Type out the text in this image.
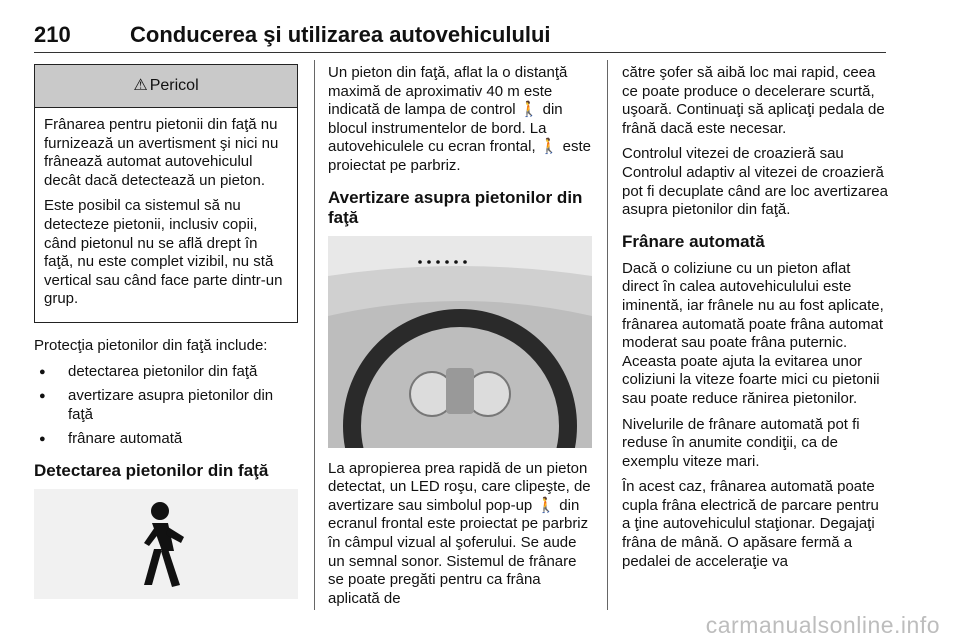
210	Conducerea şi utilizarea autovehiculului
⚠ Pericol

Frânarea pentru pietonii din faţă nu furnizează un avertisment şi nici nu frânează automat autovehiculul decât dacă detectează un pieton.

Este posibil ca sistemul să nu detecteze pietonii, inclusiv copii, când pietonul nu se află drept în faţă, nu este complet vizibil, nu stă vertical sau când face parte dintr-un grup.

Protecţia pietonilor din faţă include:

● detectarea pietonilor din faţă
● avertizare asupra pietonilor din faţă
● frânare automată
Detectarea pietonilor din faţă

Un pieton din faţă, aflat la o distanţă maximă de aproximativ 40 m este indicată de lampa de control 🚶 din blocul instrumentelor de bord. La autovehiculele cu ecran frontal, 🚶 este proiectat pe parbriz.

Avertizare asupra pietonilor din faţă

La apropierea prea rapidă de un pieton detectat, un LED roşu, care clipeşte, de avertizare sau simbolul pop-up 🚶 din ecranul frontal este proiectat pe parbriz în câmpul vizual al şoferului. Se aude un semnal sonor. Sistemul de frânare se poate pregăti pentru ca frâna aplicată de

către şofer să aibă loc mai rapid, ceea ce poate produce o decelerare scurtă, uşoară. Continuaţi să aplicaţi pedala de frână dacă este necesar.

Controlul vitezei de croazieră sau Controlul adaptiv al vitezei de croazieră pot fi decuplate când are loc avertizarea asupra pietonilor din faţă.

Frânare automată

Dacă o coliziune cu un pieton aflat direct în calea autovehiculului este iminentă, iar frânele nu au fost aplicate, frânarea automată poate frâna automat moderat sau poate frâna puternic. Aceasta poate ajuta la evitarea unor coliziuni la viteze foarte mici cu pietonii sau poate reduce rănirea pietonilor.

Nivelurile de frânare automată pot fi reduse în anumite condiţii, ca de exemplu viteze mari.

În acest caz, frânarea automată poate cupla frâna electrică de parcare pentru a ţine autovehiculul staţionar. Degajaţi frâna de mână. O apăsare fermă a pedalei de acceleraţie va

carmanualsonline.info
